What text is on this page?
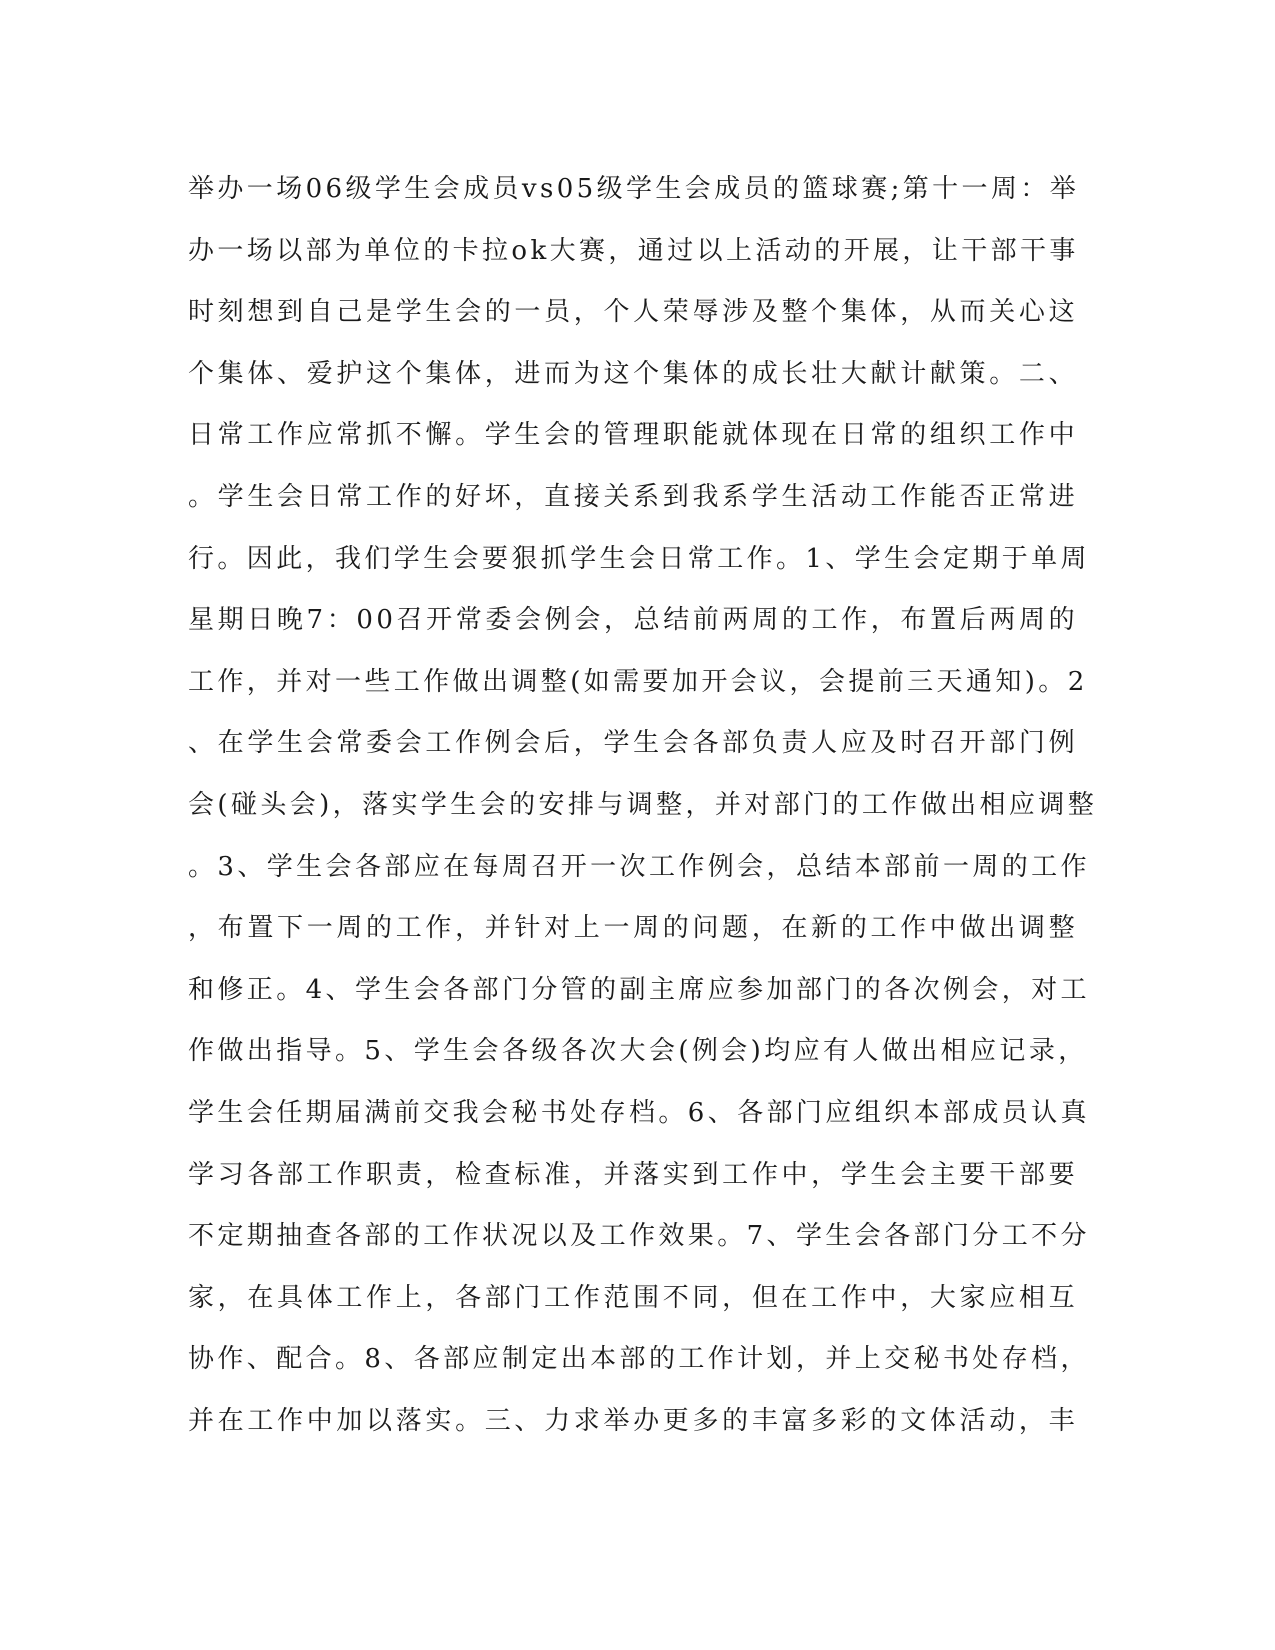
举办一场06级学生会成员vs05级学生会成员的篮球赛;第十一周：举
办一场以部为单位的卡拉ok大赛，通过以上活动的开展，让干部干事
时刻想到自己是学生会的一员，个人荣辱涉及整个集体，从而关心这
个集体、爱护这个集体，进而为这个集体的成长壮大献计献策。二、
日常工作应常抓不懈。学生会的管理职能就体现在日常的组织工作中
。学生会日常工作的好坏，直接关系到我系学生活动工作能否正常进
行。因此，我们学生会要狠抓学生会日常工作。1、学生会定期于单周
星期日晚7：00召开常委会例会，总结前两周的工作，布置后两周的
工作，并对一些工作做出调整(如需要加开会议，会提前三天通知)。2
、在学生会常委会工作例会后，学生会各部负责人应及时召开部门例
会(碰头会)，落实学生会的安排与调整，并对部门的工作做出相应调整
。3、学生会各部应在每周召开一次工作例会，总结本部前一周的工作
，布置下一周的工作，并针对上一周的问题，在新的工作中做出调整
和修正。4、学生会各部门分管的副主席应参加部门的各次例会，对工
作做出指导。5、学生会各级各次大会(例会)均应有人做出相应记录，
学生会任期届满前交我会秘书处存档。6、各部门应组织本部成员认真
学习各部工作职责，检查标准，并落实到工作中，学生会主要干部要
不定期抽查各部的工作状况以及工作效果。7、学生会各部门分工不分
家，在具体工作上，各部门工作范围不同，但在工作中，大家应相互
协作、配合。8、各部应制定出本部的工作计划，并上交秘书处存档，
并在工作中加以落实。三、力求举办更多的丰富多彩的文体活动，丰
